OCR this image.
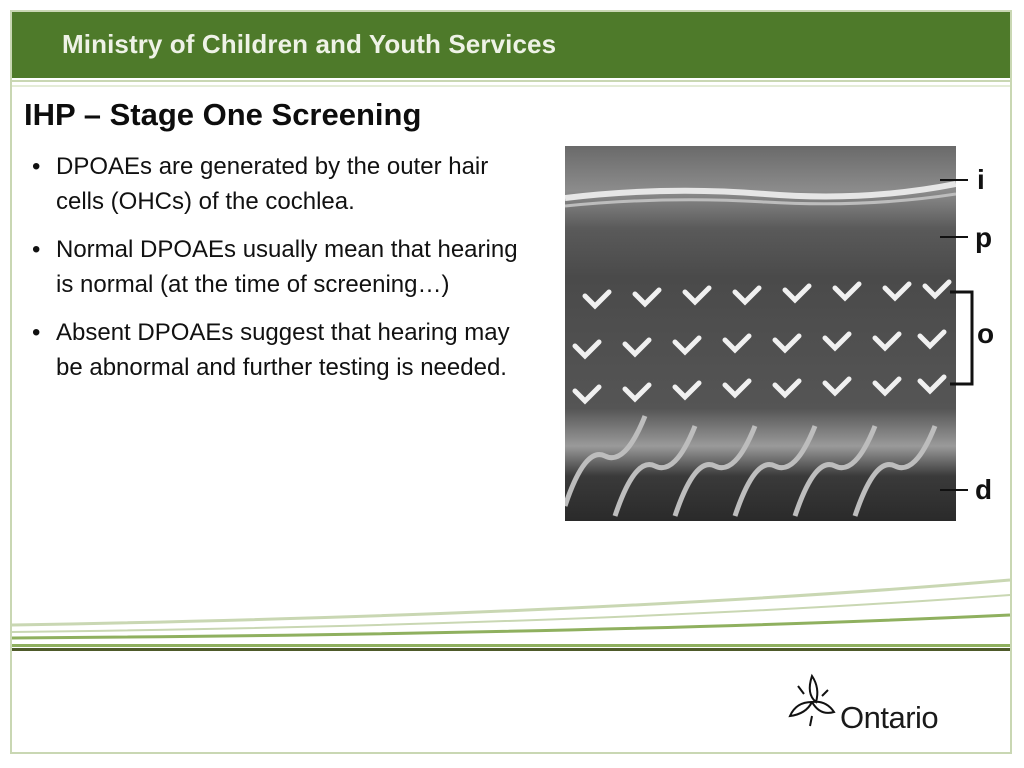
Ministry of Children and Youth Services
IHP – Stage One Screening
• DPOAEs are generated by the outer hair cells (OHCs) of the cochlea.
• Normal DPOAEs usually mean that hearing is normal (at the time of screening…)
• Absent DPOAEs suggest that hearing may be abnormal and further testing is needed.
i
p
o
d
Ontario
